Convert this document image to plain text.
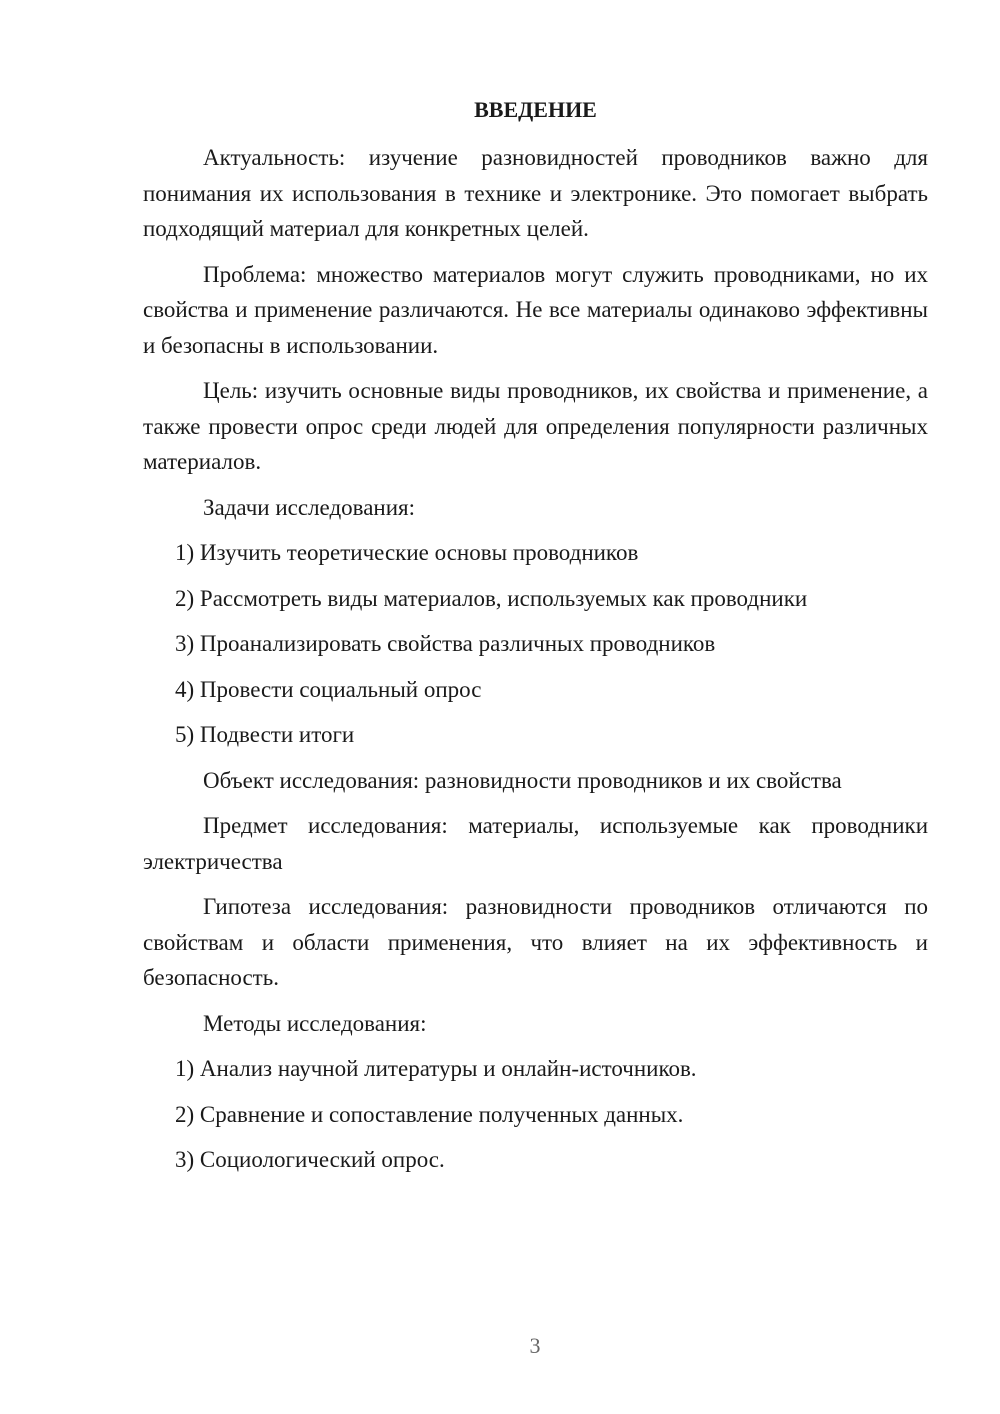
ВВЕДЕНИЕ

Актуальность: изучение разновидностей проводников важно для понимания их использования в технике и электронике. Это помогает выбрать подходящий материал для конкретных целей.

Проблема: множество материалов могут служить проводниками, но их свойства и применение различаются. Не все материалы одинаково эффективны и безопасны в использовании.

Цель: изучить основные виды проводников, их свойства и применение, а также провести опрос среди людей для определения популярности различных материалов.

Задачи исследования:

1) Изучить теоретические основы проводников
2) Рассмотреть виды материалов, используемых как проводники
3) Проанализировать свойства различных проводников
4) Провести социальный опрос
5) Подвести итоги

Объект исследования: разновидности проводников и их свойства

Предмет исследования: материалы, используемые как проводники электричества

Гипотеза исследования: разновидности проводников отличаются по свойствам и области применения, что влияет на их эффективность и безопасность.

Методы исследования:

1) Анализ научной литературы и онлайн-источников.
2) Сравнение и сопоставление полученных данных.
3) Социологический опрос.
3
